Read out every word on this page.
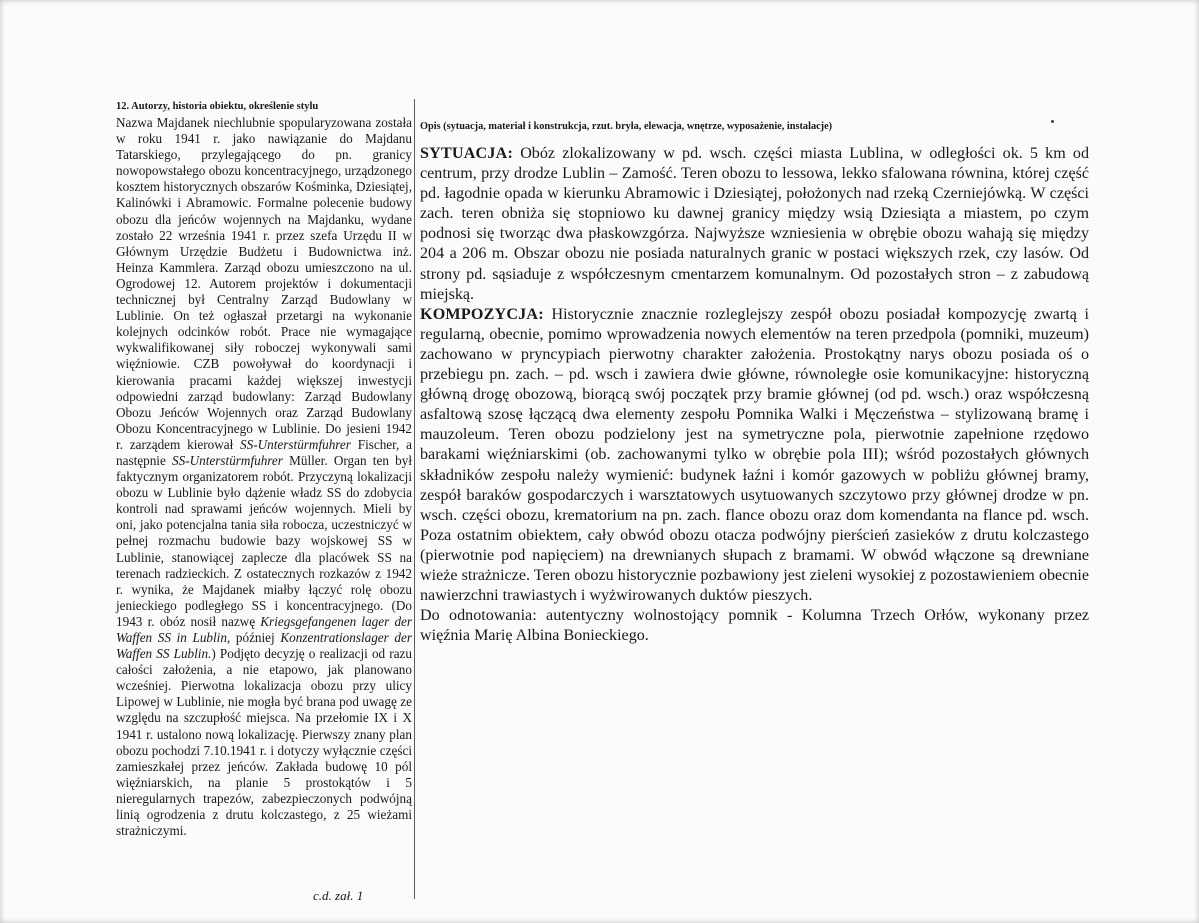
12. Autorzy, historia obiektu, określenie stylu

Nazwa Majdanek niechlubnie spopularyzowana została w roku 1941 r. jako nawiązanie do Majdanu Tatarskiego, przylegającego do pn. granicy nowopowstałego obozu koncentracyjnego, urządzonego kosztem historycznych obszarów Kośminka, Dziesiątej, Kalinówki i Abramowic. Formalne polecenie budowy obozu dla jeńców wojennych na Majdanku, wydane zostało 22 września 1941 r. przez szefa Urzędu II w Głównym Urzędzie Budżetu i Budownictwa inż. Heinza Kammlera. Zarząd obozu umieszczono na ul. Ogrodowej 12. Autorem projektów i dokumentacji technicznej był Centralny Zarząd Budowlany w Lublinie. On też ogłaszał przetargi na wykonanie kolejnych odcinków robót. Prace nie wymagające wykwalifikowanej siły roboczej wykonywali sami więźniowie. CZB powoływał do koordynacji i kierowania pracami każdej większej inwestycji odpowiedni zarząd budowlany: Zarząd Budowlany Obozu Jeńców Wojennych oraz Zarząd Budowlany Obozu Koncentracyjnego w Lublinie. Do jesieni 1942 r. zarządem kierował SS-Unterstürmfuhrer Fischer, a następnie SS-Unterstürmfuhrer Müller. Organ ten był faktycznym organizatorem robót. Przyczyną lokalizacji obozu w Lublinie było dążenie władz SS do zdobycia kontroli nad sprawami jeńców wojennych. Mieli by oni, jako potencjalna tania siła robocza, uczestniczyć w pełnej rozmachu budowie bazy wojskowej SS w Lublinie, stanowiącej zaplecze dla placówek SS na terenach radzieckich. Z ostatecznych rozkazów z 1942 r. wynika, że Majdanek miałby łączyć rolę obozu jenieckiego podległego SS i koncentracyjnego. (Do 1943 r. obóz nosił nazwę Kriegsgefangenen lager der Waffen SS in Lublin, później Konzentrationslager der Waffen SS Lublin.) Podjęto decyzję o realizacji od razu całości założenia, a nie etapowo, jak planowano wcześniej. Pierwotna lokalizacja obozu przy ulicy Lipowej w Lublinie, nie mogła być brana pod uwagę ze względu na szczupłość miejsca. Na przełomie IX i X 1941 r. ustalono nową lokalizację. Pierwszy znany plan obozu pochodzi 7.10.1941 r. i dotyczy wyłącznie części zamieszkałej przez jeńców. Zakłada budowę 10 pól więźniarskich, na planie 5 prostokątów i 5 nieregularnych trapezów, zabezpieczonych podwójną linią ogrodzenia z drutu kolczastego, z 25 wieżami strażniczymi.

c.d. zał. 1

Opis (sytuacja, materiał i konstrukcja, rzut. bryła, elewacja, wnętrze, wyposażenie, instalacje)

SYTUACJA: Obóz zlokalizowany w pd. wsch. części miasta Lublina, w odległości ok. 5 km od centrum, przy drodze Lublin – Zamość. Teren obozu to lessowa, lekko sfalowana równina, której część pd. łagodnie opada w kierunku Abramowic i Dziesiątej, położonych nad rzeką Czerniejówką. W części zach. teren obniża się stopniowo ku dawnej granicy między wsią Dziesiąta a miastem, po czym podnosi się tworząc dwa płaskowzgórza. Najwyższe wzniesienia w obrębie obozu wahają się między 204 a 206 m. Obszar obozu nie posiada naturalnych granic w postaci większych rzek, czy lasów. Od strony pd. sąsiaduje z współczesnym cmentarzem komunalnym. Od pozostałych stron – z zabudową miejską.

KOMPOZYCJA: Historycznie znacznie rozleglejszy zespół obozu posiadał kompozycję zwartą i regularną, obecnie, pomimo wprowadzenia nowych elementów na teren przedpola (pomniki, muzeum) zachowano w pryncypiach pierwotny charakter założenia. Prostokątny narys obozu posiada oś o przebiegu pn. zach. – pd. wsch i zawiera dwie główne, równoległe osie komunikacyjne: historyczną główną drogę obozową, biorącą swój początek przy bramie głównej (od pd. wsch.) oraz współczesną asfaltową szosę łączącą dwa elementy zespołu Pomnika Walki i Męczeństwa – stylizowaną bramę i mauzoleum. Teren obozu podzielony jest na symetryczne pola, pierwotnie zapełnione rzędowo barakami więźniarskimi (ob. zachowanymi tylko w obrębie pola III); wśród pozostałych głównych składników zespołu należy wymienić: budynek łaźni i komór gazowych w pobliżu głównej bramy, zespół baraków gospodarczych i warsztatowych usytuowanych szczytowo przy głównej drodze w pn. wsch. części obozu, krematorium na pn. zach. flance obozu oraz dom komendanta na flance pd. wsch. Poza ostatnim obiektem, cały obwód obozu otacza podwójny pierścień zasieków z drutu kolczastego (pierwotnie pod napięciem) na drewnianych słupach z bramami. W obwód włączone są drewniane wieże strażnicze. Teren obozu historycznie pozbawiony jest zieleni wysokiej z pozostawieniem obecnie nawierzchni trawiastych i wyżwirowanych duktów pieszych.

Do odnotowania: autentyczny wolnostojący pomnik - Kolumna Trzech Orłów, wykonany przez więźnia Marię Albina Bonieckiego.
